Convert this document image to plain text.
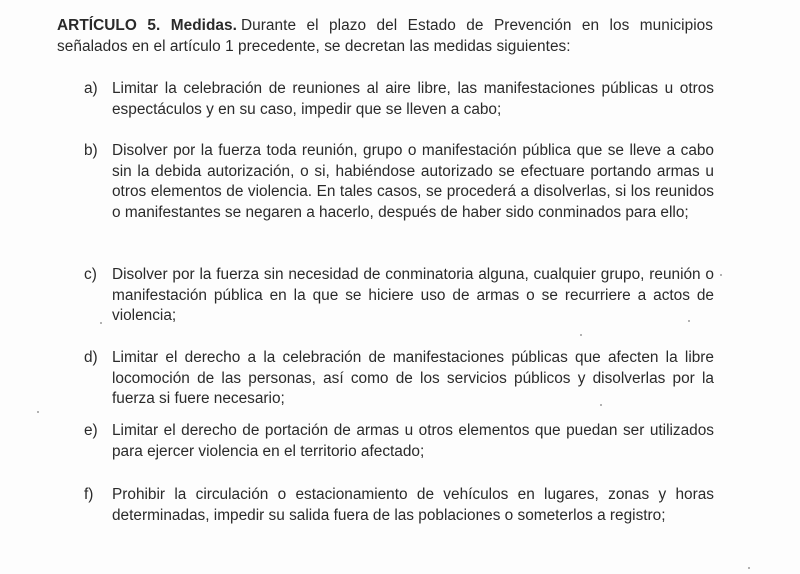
ARTÍCULO 5. Medidas. Durante el plazo del Estado de Prevención en los municipios señalados en el artículo 1 precedente, se decretan las medidas siguientes:

a) Limitar la celebración de reuniones al aire libre, las manifestaciones públicas u otros espectáculos y en su caso, impedir que se lleven a cabo;
b) Disolver por la fuerza toda reunión, grupo o manifestación pública que se lleve a cabo sin la debida autorización, o si, habiéndose autorizado se efectuare portando armas u otros elementos de violencia. En tales casos, se procederá a disolverlas, si los reunidos o manifestantes se negaren a hacerlo, después de haber sido conminados para ello;
c) Disolver por la fuerza sin necesidad de conminatoria alguna, cualquier grupo, reunión o manifestación pública en la que se hiciere uso de armas o se recurriere a actos de violencia;
d) Limitar el derecho a la celebración de manifestaciones públicas que afecten la libre locomoción de las personas, así como de los servicios públicos y disolverlas por la fuerza si fuere necesario;
e) Limitar el derecho de portación de armas u otros elementos que puedan ser utilizados para ejercer violencia en el territorio afectado;
f)	Prohibir la circulación o estacionamiento de vehículos en lugares, zonas y horas determinadas, impedir su salida fuera de las poblaciones o someterlos a registro;
